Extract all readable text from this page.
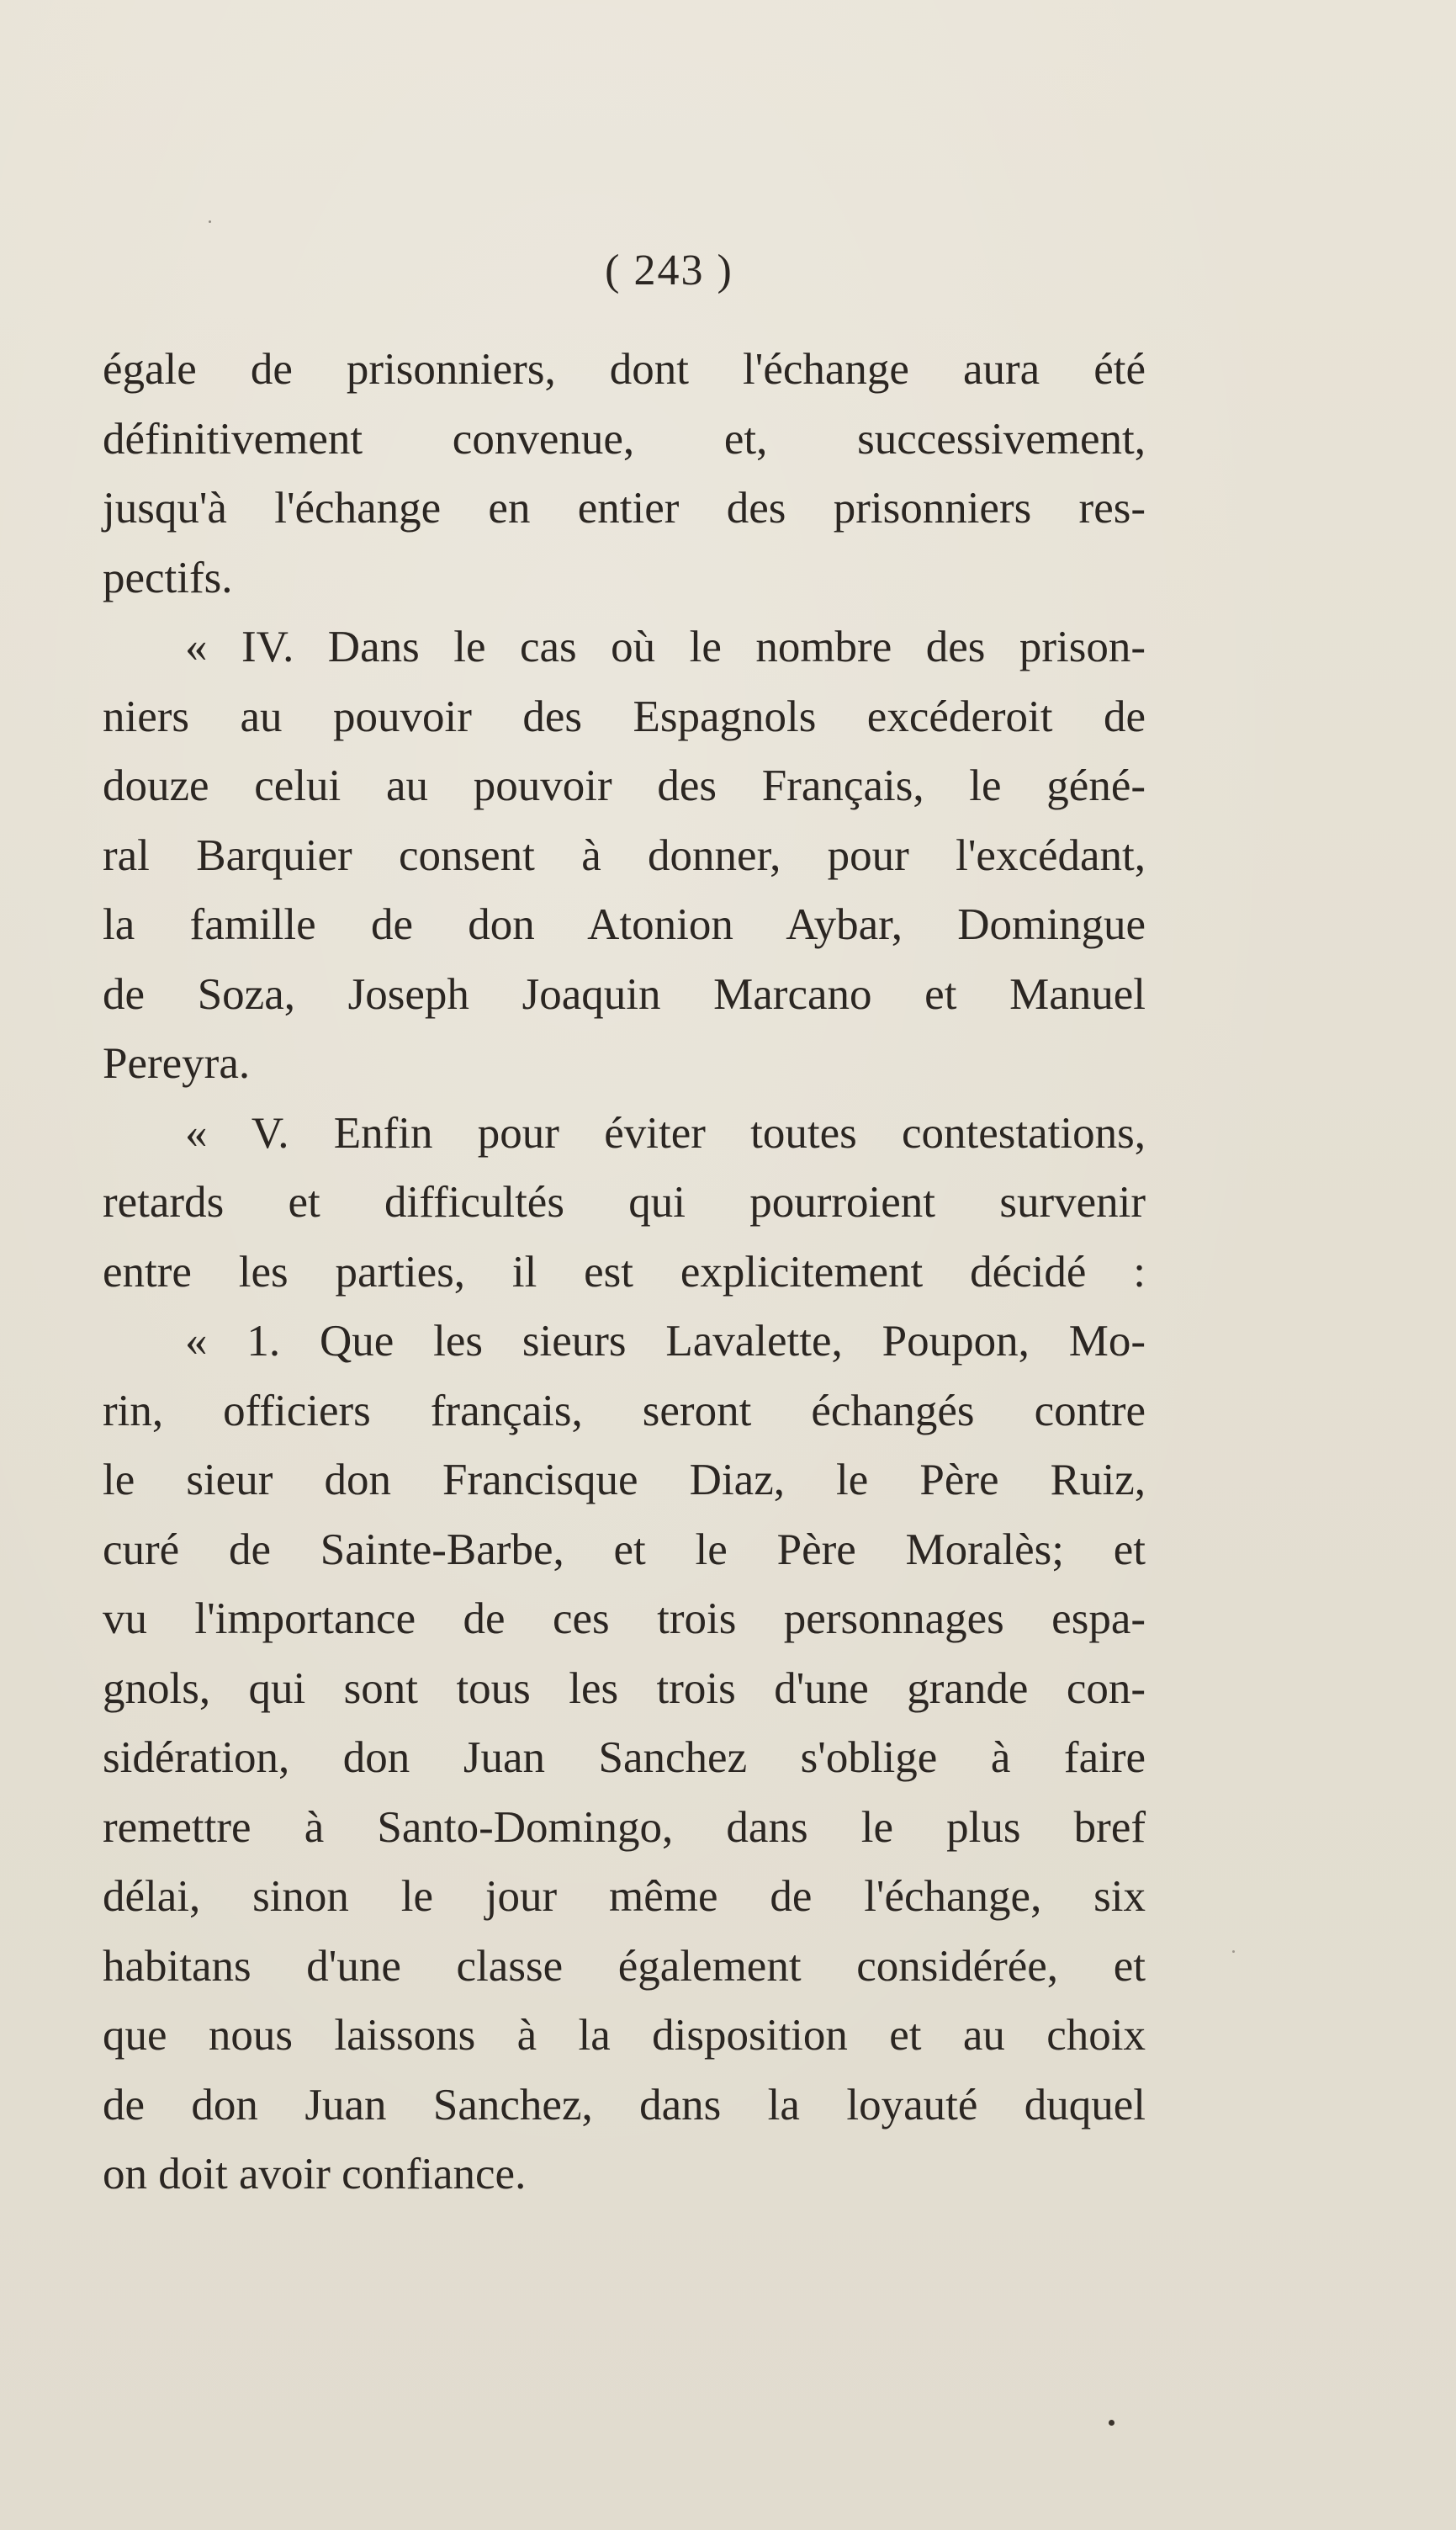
( 243 )
égale de prisonniers, dont l'échange aura été
définitivement convenue, et, successivement,
jusqu'à l'échange en entier des prisonniers res-
pectifs.
« IV. Dans le cas où le nombre des prison-
niers au pouvoir des Espagnols excéderoit de
douze celui au pouvoir des Français, le géné-
ral Barquier consent à donner, pour l'excédant,
la famille de don Atonion Aybar, Domingue
de Soza, Joseph Joaquin Marcano et Manuel
Pereyra.
« V. Enfin pour éviter toutes contestations,
retards et difficultés qui pourroient survenir
entre les parties, il est explicitement décidé :
« 1. Que les sieurs Lavalette, Poupon, Mo-
rin, officiers français, seront échangés contre
le sieur don Francisque Diaz, le Père Ruiz,
curé de Sainte-Barbe, et le Père Moralès; et
vu l'importance de ces trois personnages espa-
gnols, qui sont tous les trois d'une grande con-
sidération, don Juan Sanchez s'oblige à faire
remettre à Santo-Domingo, dans le plus bref
délai, sinon le jour même de l'échange, six
habitans d'une classe également considérée, et
que nous laissons à la disposition et au choix
de don Juan Sanchez, dans la loyauté duquel
on doit avoir confiance.
